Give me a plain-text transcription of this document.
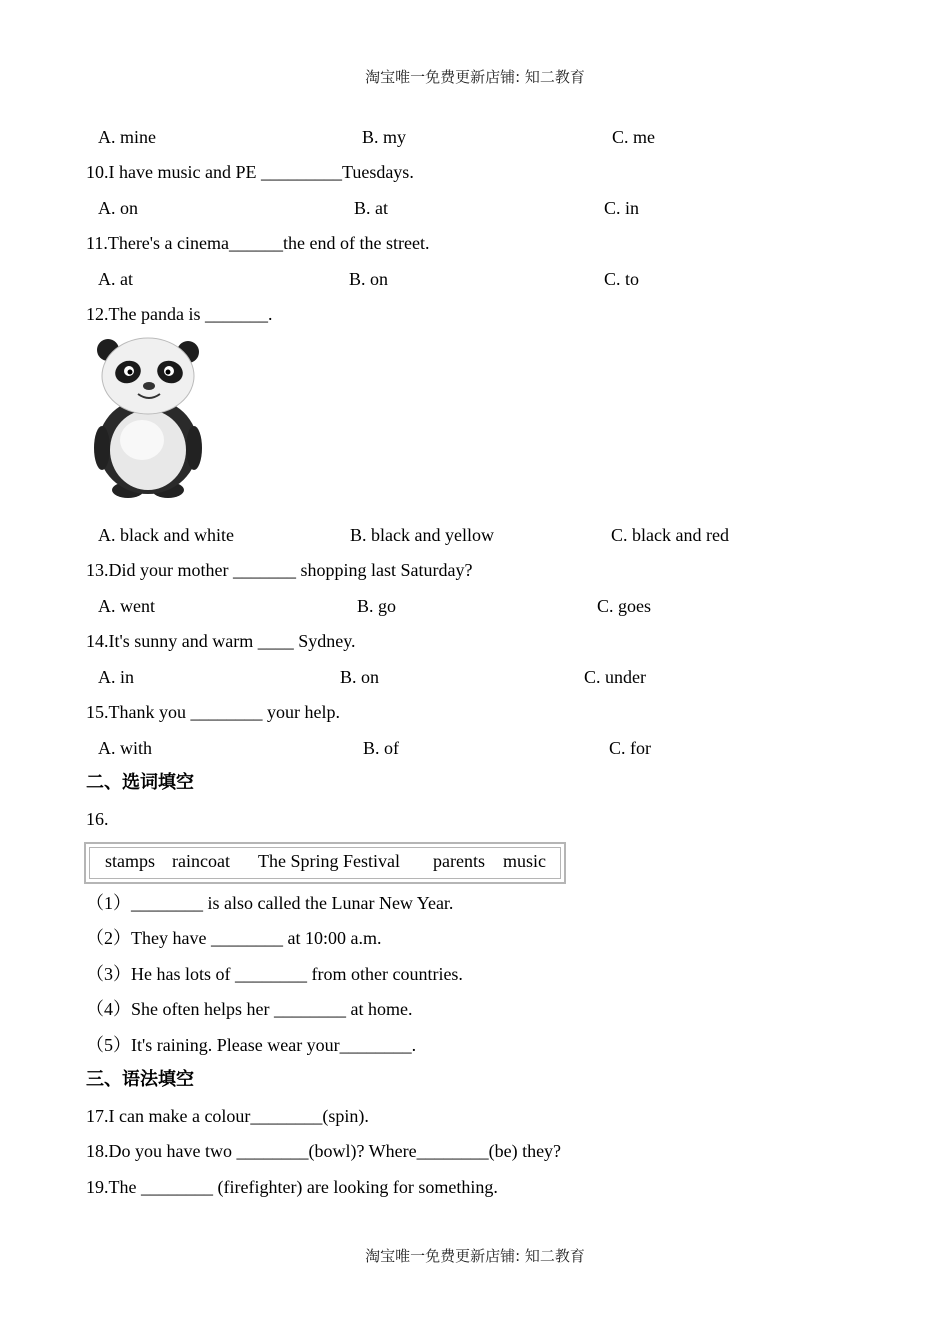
淘宝唯一免费更新店铺: 知二教育
A. mine	B. my	C. me
10.I have music and PE _________Tuesdays.
A. on	B. at	C. in
11.There's a cinema______the end of the street.
A. at	B. on	C. to
12.The panda is _______.
A. black and white	B. black and yellow	C. black and red
13.Did your mother _______ shopping last Saturday?
A. went	B. go	C. goes
14.It's sunny and warm ____ Sydney.
A. in	B. on	C. under
15.Thank you ________ your help.
A. with	B. of	C. for
二、选词填空
16.
stamps raincoat The Spring Festival parents music
（1）________ is also called the Lunar New Year.
（2）They have ________ at 10:00 a.m.
（3）He has lots of ________ from other countries.
（4）She often helps her ________ at home.
（5）It's raining. Please wear your________.
三、语法填空
17.I can make a colour________(spin).
18.Do you have two ________(bowl)? Where________(be) they?
19.The ________ (firefighter) are looking for something.
淘宝唯一免费更新店铺: 知二教育
